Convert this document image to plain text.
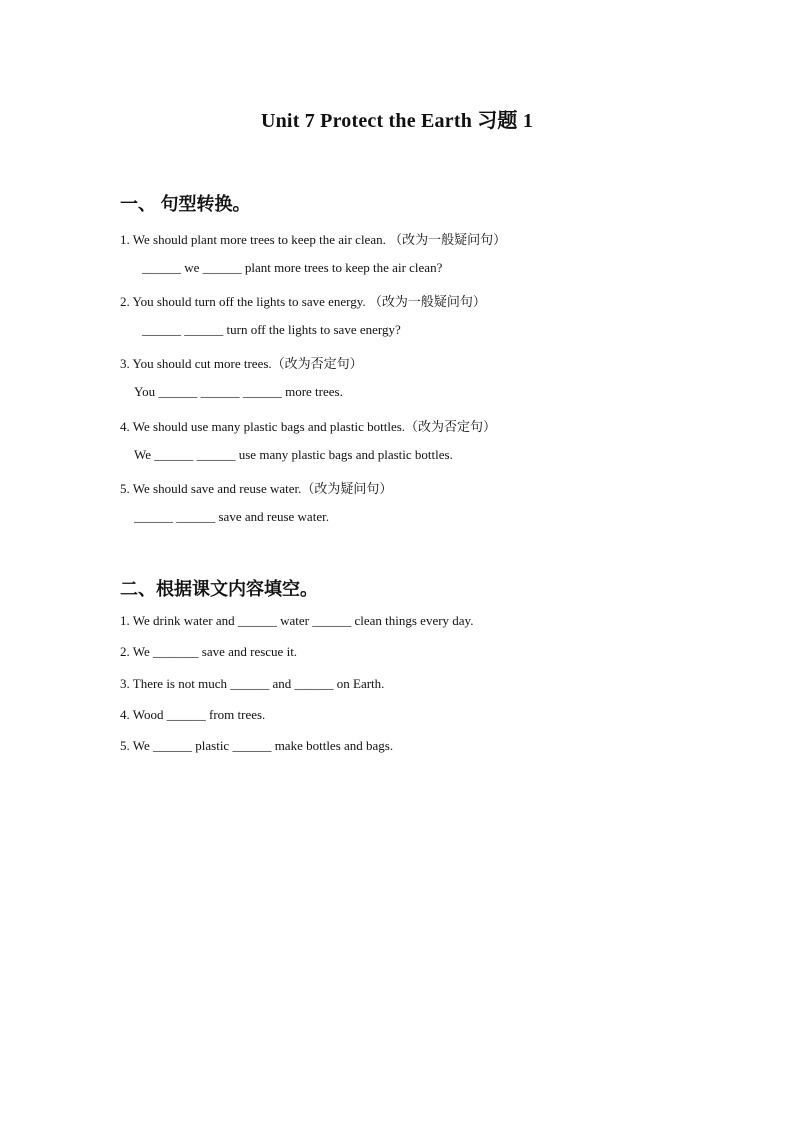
Unit 7 Protect the Earth 习题 1
一、 句型转换。

1. We should plant more trees to keep the air clean. （改为一般疑问句）

______ we ______ plant more trees to keep the air clean?

2. You should turn off the lights to save energy. （改为一般疑问句）

______ ______ turn off the lights to save energy?

3. You should cut more trees.（改为否定句）

You ______ ______ ______ more trees.

4. We should use many plastic bags and plastic bottles.（改为否定句）

We ______ ______ use many plastic bags and plastic bottles.

5. We should save and reuse water.（改为疑问句）

______ ______ save and reuse water.

二、根据课文内容填空。

1. We drink water and ______ water ______ clean things every day.

2. We _______ save and rescue it.

3. There is not much ______ and ______ on Earth.

4. Wood ______ from trees.

5. We ______ plastic ______ make bottles and bags.
